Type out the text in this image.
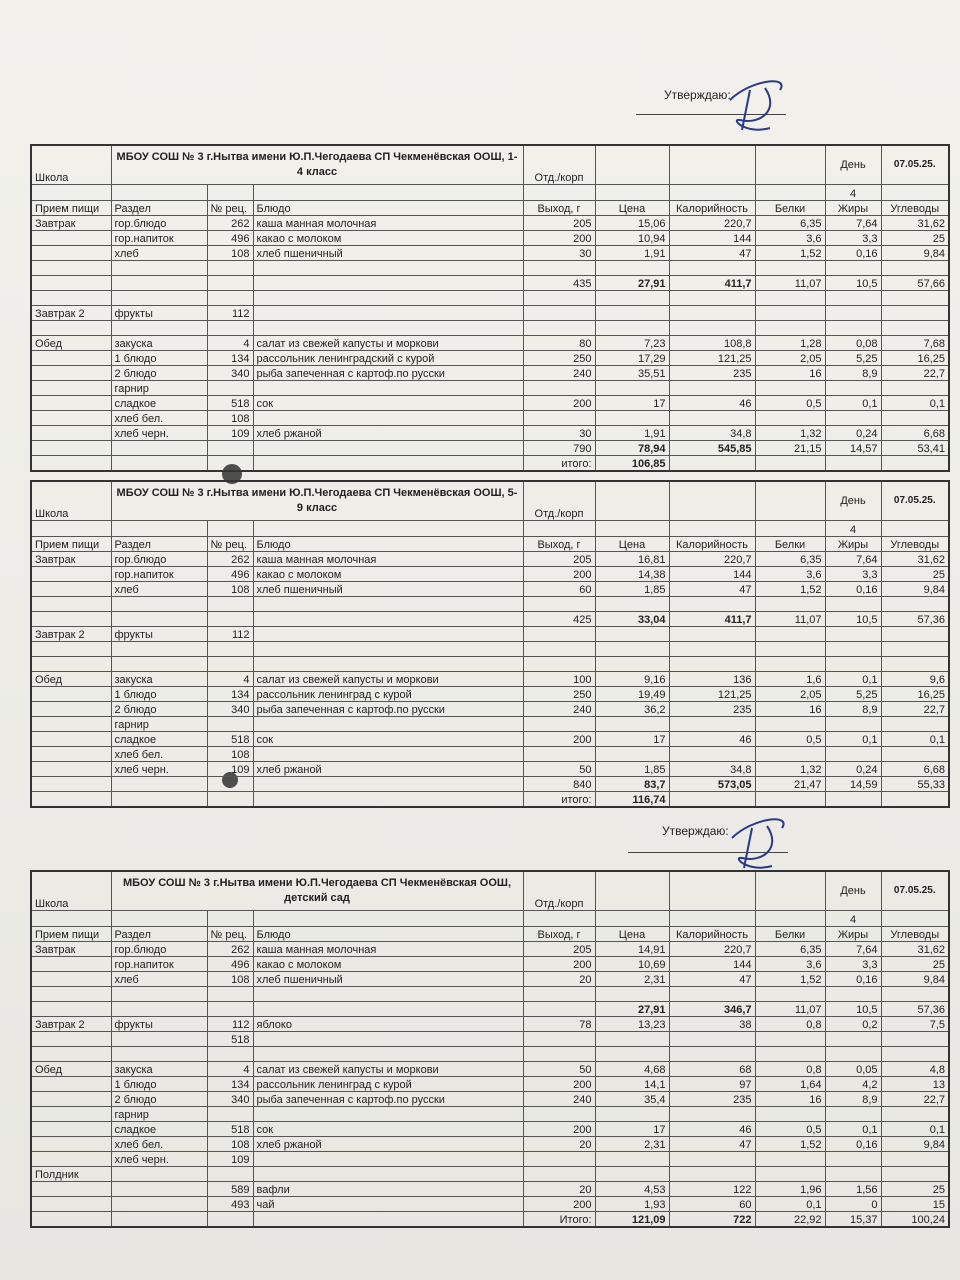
Утверждаю:
Утверждаю:
Школа	МБОУ СОШ № 3 г.Нытва имени Ю.П.Чегодаева СП Чекменёвская ООШ, 1-4 класс			Отд./корп				День	07.05.25.
								4	
Прием пищи	Раздел	№ рец.	Блюдо	Выход, г	Цена	Калорийность	Белки	Жиры	Углеводы
Завтрак	гор.блюдо	262	каша манная молочная	205	15,06	220,7	6,35	7,64	31,62
	гор.напиток	496	какао с молоком	200	10,94	144	3,6	3,3	25
	хлеб	108	хлеб пшеничный	30	1,91	47	1,52	0,16	9,84

				435	27,91	411,7	11,07	10,5	57,66

Завтрак 2	фрукты	112							

Обед	закуска	4	салат из свежей капусты и моркови	80	7,23	108,8	1,28	0,08	7,68
	1 блюдо	134	рассольник ленинградский с курой	250	17,29	121,25	2,05	5,25	16,25
	2 блюдо	340	рыба запеченная с картоф.по русски	240	35,51	235	16	8,9	22,7
	гарнир								
	сладкое	518	сок	200	17	46	0,5	0,1	0,1
	хлеб бел.	108							
	хлеб черн.	109	хлеб ржаной	30	1,91	34,8	1,32	0,24	6,68
				790	78,94	545,85	21,15	14,57	53,41
				итого:	106,85				
Школа	МБОУ СОШ № 3 г.Нытва имени Ю.П.Чегодаева СП Чекменёвская ООШ, 5-9 класс			Отд./корп				День	07.05.25.
								4	
Прием пищи	Раздел	№ рец.	Блюдо	Выход, г	Цена	Калорийность	Белки	Жиры	Углеводы
Завтрак	гор.блюдо	262	каша манная молочная	205	16,81	220,7	6,35	7,64	31,62
	гор.напиток	496	какао с молоком	200	14,38	144	3,6	3,3	25
	хлеб	108	хлеб пшеничный	60	1,85	47	1,52	0,16	9,84

				425	33,04	411,7	11,07	10,5	57,36
Завтрак 2	фрукты	112							

Обед	закуска	4	салат из свежей капусты и моркови	100	9,16	136	1,6	0,1	9,6
	1 блюдо	134	рассольник ленинград с курой	250	19,49	121,25	2,05	5,25	16,25
	2 блюдо	340	рыба запеченная с картоф.по русски	240	36,2	235	16	8,9	22,7
	гарнир								
	сладкое	518	сок	200	17	46	0,5	0,1	0,1
	хлеб бел.	108							
	хлеб черн.	109	хлеб ржаной	50	1,85	34,8	1,32	0,24	6,68
				840	83,7	573,05	21,47	14,59	55,33
				итого:	116,74				
Школа	МБОУ СОШ № 3 г.Нытва имени Ю.П.Чегодаева СП Чекменёвская ООШ, детский сад			Отд./корп				День	07.05.25.
								4	
Прием пищи	Раздел	№ рец.	Блюдо	Выход, г	Цена	Калорийность	Белки	Жиры	Углеводы
Завтрак	гор.блюдо	262	каша манная молочная	205	14,91	220,7	6,35	7,64	31,62
	гор.напиток	496	какао с молоком	200	10,69	144	3,6	3,3	25
	хлеб	108	хлеб пшеничный	20	2,31	47	1,52	0,16	9,84

					27,91	346,7	11,07	10,5	57,36
Завтрак 2	фрукты	112	яблоко	78	13,23	38	0,8	0,2	7,5
		518							

Обед	закуска	4	салат из свежей капусты и моркови	50	4,68	68	0,8	0,05	4,8
	1 блюдо	134	рассольник ленинград с курой	200	14,1	97	1,64	4,2	13
	2 блюдо	340	рыба запеченная с картоф.по русски	240	35,4	235	16	8,9	22,7
	гарнир								
	сладкое	518	сок	200	17	46	0,5	0,1	0,1
	хлеб бел.	108	хлеб ржаной	20	2,31	47	1,52	0,16	9,84
	хлеб черн.	109							
Полдник									
		589	вафли	20	4,53	122	1,96	1,56	25
		493	чай	200	1,93	60	0,1	0	15
				Итого:	121,09	722	22,92	15,37	100,24
